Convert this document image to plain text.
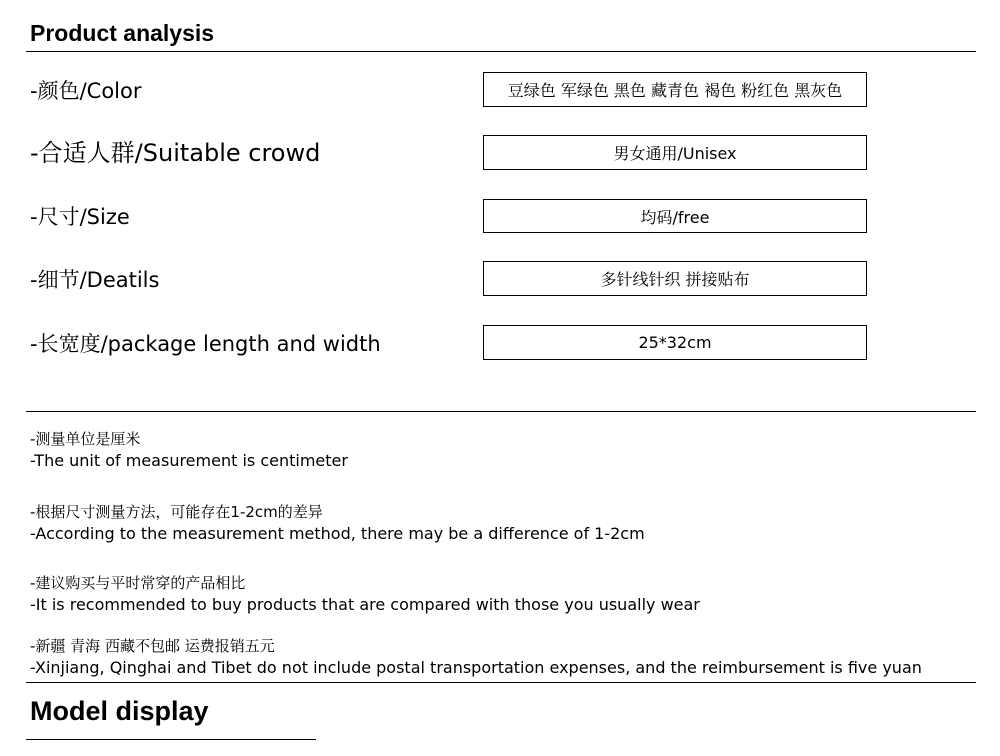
Product analysis
-颜色/Color	豆绿色 军绿色 黑色 藏青色 褐色 粉红色 黑灰色
-合适人群/Suitable crowd	男女通用/Unisex
-尺寸/Size	均码/free
-细节/Deatils	多针线针织 拼接贴布
-长宽度/package length and width	25*32cm
-测量单位是厘米
-The unit of measurement is centimeter
-根据尺寸测量方法，可能存在1-2cm的差异
-According to the measurement method, there may be a difference of 1-2cm
-建议购买与平时常穿的产品相比
-It is recommended to buy products that are compared with those you usually wear
-新疆 青海 西藏不包邮 运费报销五元
-Xinjiang, Qinghai and Tibet do not include postal transportation expenses, and the reimbursement is five yuan
Model display
